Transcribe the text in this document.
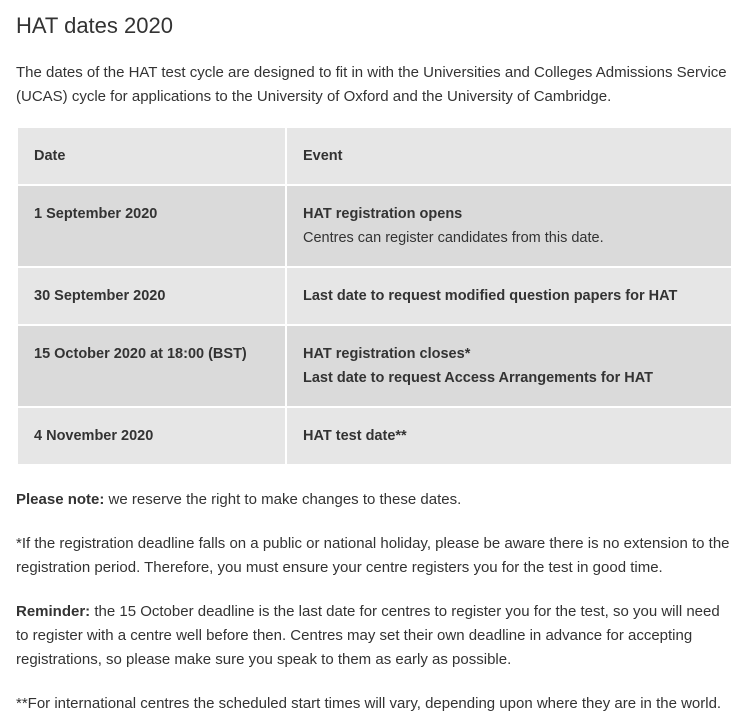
HAT dates 2020

The dates of the HAT test cycle are designed to fit in with the Universities and Colleges Admissions Service (UCAS) cycle for applications to the University of Oxford and the University of Cambridge.

Date	Event
1 September 2020	HAT registration opens
Centres can register candidates from this date.

30 September 2020	Last date to request modified question papers for HAT

15 October 2020 at 18:00 (BST)	HAT registration closes*
Last date to request Access Arrangements for HAT

4 November 2020	HAT test date**

Please note: we reserve the right to make changes to these dates.

*If the registration deadline falls on a public or national holiday, please be aware there is no extension to the registration period. Therefore, you must ensure your centre registers you for the test in good time.

Reminder: the 15 October deadline is the last date for centres to register you for the test, so you will need to register with a centre well before then. Centres may set their own deadline in advance for accepting registrations, so please make sure you speak to them as early as possible.

**For international centres the scheduled start times will vary, depending upon where they are in the world.
